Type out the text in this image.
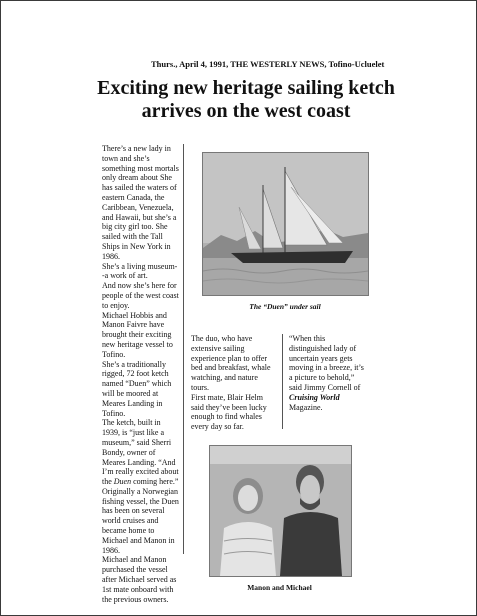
Thurs., April 4, 1991, THE WESTERLY NEWS, Tofino-Ucluelet
Exciting new heritage sailing ketch
arrives on the west coast

There’s a new lady in town and she’s something most mortals only dream about She has sailed the waters of eastern Canada, the Caribbean, Venezuela, and Hawaii, but she’s a big city girl too. She sailed with the Tall Ships in New York in 1986.

She’s a living museum--a work of art.

And now she’s here for people of the west coast to enjoy.

Michael Hobbis and Manon Faivre have brought their exciting new heritage vessel to Tofino.

She’s a traditionally rigged, 72 foot ketch named “Duen” which will be moored at Meares Landing in Tofino.

The ketch, built in 1939, is “just like a museum,” said Sherri Bondy, owner of Meares Landing. “And I’m really excited about the Duen coming here.”

Originally a Norwegian fishing vessel, the Duen has been on several world cruises and became home to Michael and Manon in 1986.

Michael and Manon purchased the vessel after Michael served as 1st mate onboard with the previous owners.

The “Duen” under sail

The duo, who have extensive sailing experience plan to offer bed and breakfast, whale watching, and nature tours.

First mate, Blair Helm said they’ve been lucky enough to find whales every day so far.

“When this distinguished lady of uncertain years gets moving in a breeze, it’s a picture to behold,” said Jimmy Cornell of Cruising World Magazine.

Manon and Michael
